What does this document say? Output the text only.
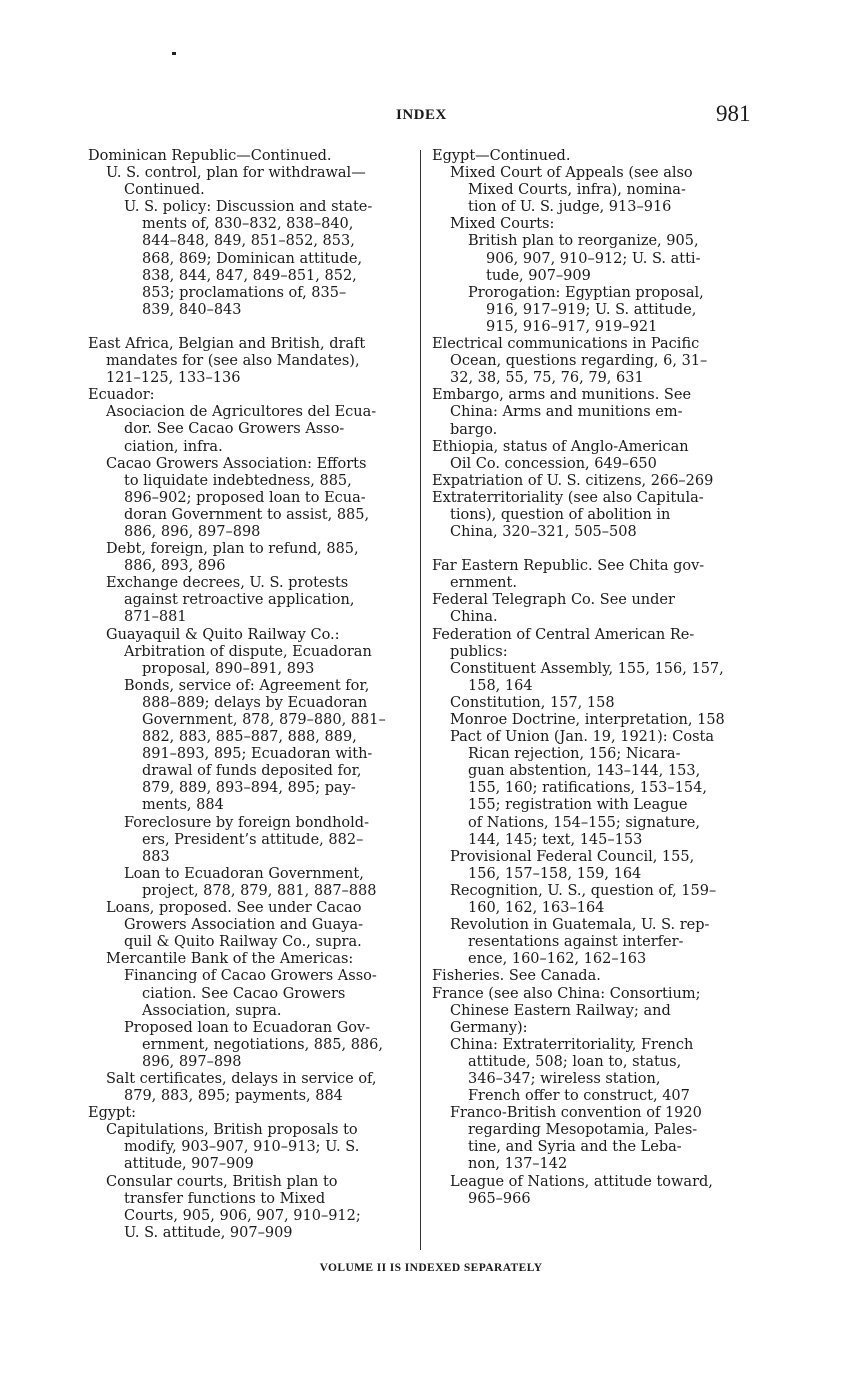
INDEX	981
Dominican Republic—Continued.
U. S. control, plan for withdrawal—
Continued.
U. S. policy: Discussion and state-
ments of, 830–832, 838–840,
844–848, 849, 851–852, 853,
868, 869; Dominican attitude,
838, 844, 847, 849–851, 852,
853; proclamations of, 835–
839, 840–843
East Africa, Belgian and British, draft
mandates for (see also Mandates),
121–125, 133–136
Ecuador:
Asociacion de Agricultores del Ecua-
dor. See Cacao Growers Asso-
ciation, infra.
Cacao Growers Association: Efforts
to liquidate indebtedness, 885,
896–902; proposed loan to Ecua-
doran Government to assist, 885,
886, 896, 897–898
Debt, foreign, plan to refund, 885,
886, 893, 896
Exchange decrees, U. S. protests
against retroactive application,
871–881
Guayaquil & Quito Railway Co.:
Arbitration of dispute, Ecuadoran
proposal, 890–891, 893
Bonds, service of: Agreement for,
888–889; delays by Ecuadoran
Government, 878, 879–880, 881–
882, 883, 885–887, 888, 889,
891–893, 895; Ecuadoran with-
drawal of funds deposited for,
879, 889, 893–894, 895; pay-
ments, 884
Foreclosure by foreign bondhold-
ers, President’s attitude, 882–
883
Loan to Ecuadoran Government,
project, 878, 879, 881, 887–888
Loans, proposed. See under Cacao
Growers Association and Guaya-
quil & Quito Railway Co., supra.
Mercantile Bank of the Americas:
Financing of Cacao Growers Asso-
ciation. See Cacao Growers
Association, supra.
Proposed loan to Ecuadoran Gov-
ernment, negotiations, 885, 886,
896, 897–898
Salt certificates, delays in service of,
879, 883, 895; payments, 884
Egypt:
Capitulations, British proposals to
modify, 903–907, 910–913; U. S.
attitude, 907–909
Consular courts, British plan to
transfer functions to Mixed
Courts, 905, 906, 907, 910–912;
U. S. attitude, 907–909
Egypt—Continued.
Mixed Court of Appeals (see also
Mixed Courts, infra), nomina-
tion of U. S. judge, 913–916
Mixed Courts:
British plan to reorganize, 905,
906, 907, 910–912; U. S. atti-
tude, 907–909
Prorogation: Egyptian proposal,
916, 917–919; U. S. attitude,
915, 916–917, 919–921
Electrical communications in Pacific
Ocean, questions regarding, 6, 31–
32, 38, 55, 75, 76, 79, 631
Embargo, arms and munitions. See
China: Arms and munitions em-
bargo.
Ethiopia, status of Anglo-American
Oil Co. concession, 649–650
Expatriation of U. S. citizens, 266–269
Extraterritoriality (see also Capitula-
tions), question of abolition in
China, 320–321, 505–508
Far Eastern Republic. See Chita gov-
ernment.
Federal Telegraph Co. See under
China.
Federation of Central American Re-
publics:
Constituent Assembly, 155, 156, 157,
158, 164
Constitution, 157, 158
Monroe Doctrine, interpretation, 158
Pact of Union (Jan. 19, 1921): Costa
Rican rejection, 156; Nicara-
guan abstention, 143–144, 153,
155, 160; ratifications, 153–154,
155; registration with League
of Nations, 154–155; signature,
144, 145; text, 145–153
Provisional Federal Council, 155,
156, 157–158, 159, 164
Recognition, U. S., question of, 159–
160, 162, 163–164
Revolution in Guatemala, U. S. rep-
resentations against interfer-
ence, 160–162, 162–163
Fisheries. See Canada.
France (see also China: Consortium;
Chinese Eastern Railway; and
Germany):
China: Extraterritoriality, French
attitude, 508; loan to, status,
346–347; wireless station,
French offer to construct, 407
Franco-British convention of 1920
regarding Mesopotamia, Pales-
tine, and Syria and the Leba-
non, 137–142
League of Nations, attitude toward,
965–966
VOLUME II IS INDEXED SEPARATELY
